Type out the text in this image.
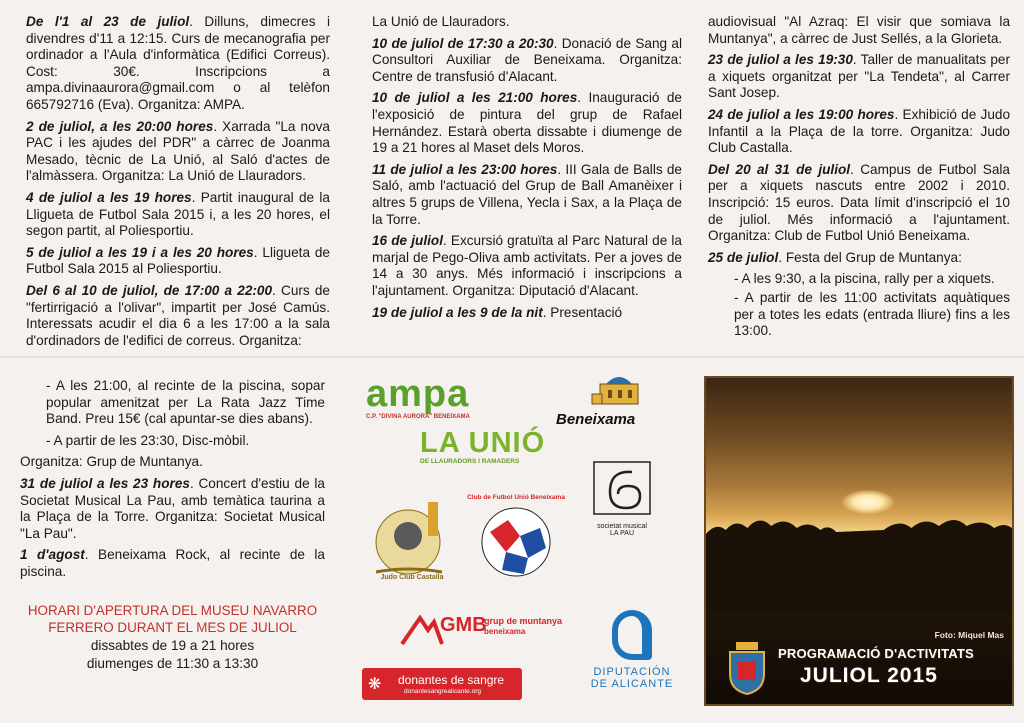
De l'1 al 23 de juliol. Dilluns, dimecres i divendres d'11 a 12:15. Curs de mecanografia per ordinador a l'Aula d'informàtica (Edifici Correus). Cost: 30€. Inscripcions a ampa.divinaaurora@gmail.com o al telèfon 665792716 (Eva). Organitza: AMPA.

2 de juliol, a les 20:00 hores. Xarrada "La nova PAC i les ajudes del PDR" a càrrec de Joanma Mesado, tècnic de La Unió, al Saló d'actes de l'almàssera. Organitza: La Unió de Llauradors.

4 de juliol a les 19 hores. Partit inaugural de la Lligueta de Futbol Sala 2015 i, a les 20 hores, el segon partit, al Poliesportiu.

5 de juliol a les 19 i a les 20 hores. Lligueta de Futbol Sala 2015 al Poliesportiu.

Del 6 al 10 de juliol, de 17:00 a 22:00. Curs de "fertirrigació a l'olivar", impartit per José Camús. Interessats acudir el dia 6 a les 17:00 a la sala d'ordinadors de l'edifici de correus. Organitza:

La Unió de Llauradors.

10 de juliol de 17:30 a 20:30. Donació de Sang al Consultori Auxiliar de Beneixama. Organitza: Centre de transfusió d'Alacant.

10 de juliol a les 21:00 hores. Inauguració de l'exposició de pintura del grup de Rafael Hernández. Estarà oberta dissabte i diumenge de 19 a 21 hores al Maset dels Moros.

11 de juliol a les 23:00 hores. III Gala de Balls de Saló, amb l'actuació del Grup de Ball Amanèixer i altres 5 grups de Villena, Yecla i Sax, a la Plaça de la Torre.

16 de juliol. Excursió gratuïta al Parc Natural de la marjal de Pego-Oliva amb activitats. Per a joves de 14 a 30 anys. Més informació i inscripcions a l'ajuntament. Organitza: Diputació d'Alacant.

19 de juliol a les 9 de la nit. Presentació

audiovisual "Al Azraq: El visir que somiava la Muntanya", a càrrec de Just Sellés, a la Glorieta.

23 de juliol a les 19:30. Taller de manualitats per a xiquets organitzat per "La Tendeta", al Carrer Sant Josep.

24 de juliol a les 19:00 hores. Exhibició de Judo Infantil a la Plaça de la torre. Organitza: Judo Club Castalla.

Del 20 al 31 de juliol. Campus de Futbol Sala per a xiquets nascuts entre 2002 i 2010. Inscripció: 15 euros. Data límit d'inscripció el 10 de juliol. Més informació a l'ajuntament. Organitza: Club de Futbol Unió Beneixama.

25 de juliol. Festa del Grup de Muntanya:

- A les 9:30, a la piscina, rally per a xiquets.

- A partir de les 11:00 activitats aquàtiques per a totes les edats (entrada lliure) fins a les 13:00.

- A les 21:00, al recinte de la piscina, sopar popular amenitzat per La Rata Jazz Time Band. Preu 15€ (cal apuntar-se dies abans).

- A partir de les 23:30, Disc-mòbil.

Organitza: Grup de Muntanya.

31 de juliol a les 23 hores. Concert d'estiu de la Societat Musical La Pau, amb temàtica taurina a la Plaça de la Torre. Organitza: Societat Musical "La Pau".

1 d'agost. Beneixama Rock, al recinte de la piscina.

HORARI D'APERTURA DEL MUSEU NAVARRO
FERRERO DURANT EL MES DE JULIOL
dissabtes de 19 a 21 hores
diumenges de 11:30 a 13:30
ampa
C.P. "DIVINA AURORA" BENEIXAMA	Beneixama
LA UNIÓ
DE LLAURADORS I RAMADERS
societat musical
LA PAU
Judo Club Castalla
Club de Futbol Unió Beneixama
GMB
grup de muntanya
beneixama
DIPUTACIÓN
DE ALICANTE
❋ donantes de sangre
donantesangrealicante.org
Foto: Miquel Mas
PROGRAMACIÓ D'ACTIVITATS
JULIOL 2015
